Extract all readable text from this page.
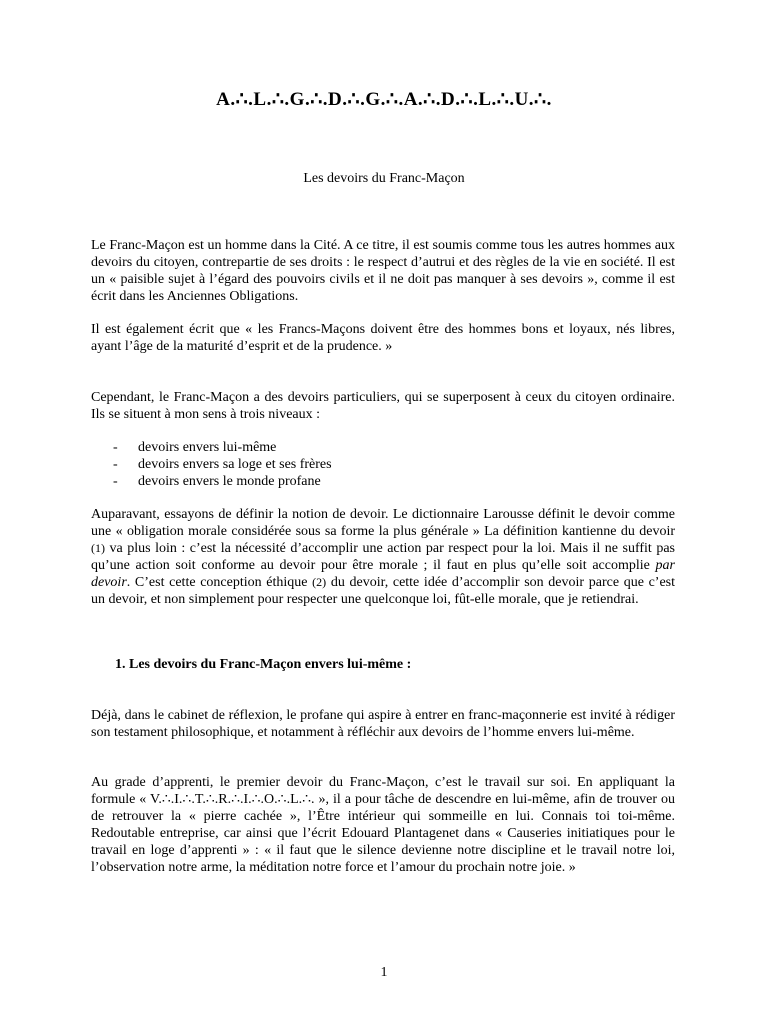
A.∴.L.∴.G.∴.D.∴.G.∴.A.∴.D.∴.L.∴.U.∴.
Les devoirs du Franc-Maçon

Le Franc-Maçon est un homme dans la Cité. A ce titre, il est soumis comme tous les autres hommes aux devoirs du citoyen, contrepartie de ses droits : le respect d’autrui et des règles de la vie en société. Il est un « paisible sujet à l’égard des pouvoirs civils et il ne doit pas manquer à ses devoirs », comme il est écrit dans les Anciennes Obligations.

Il est également écrit que « les Francs-Maçons doivent être des hommes bons et loyaux, nés libres, ayant l’âge de la maturité d’esprit et de la prudence. »

Cependant, le Franc-Maçon a des devoirs particuliers, qui se superposent à ceux du citoyen ordinaire. Ils se situent à mon sens à trois niveaux :

- devoirs envers lui-même
- devoirs envers sa loge et ses frères
- devoirs envers le monde profane

Auparavant, essayons de définir la notion de devoir. Le dictionnaire Larousse définit le devoir comme une « obligation morale considérée sous sa forme la plus générale » La définition kantienne du devoir (1) va plus loin : c’est la nécessité d’accomplir une action par respect pour la loi. Mais il ne suffit pas qu’une action soit conforme au devoir pour être morale ; il faut en plus qu’elle soit accomplie par devoir. C’est cette conception éthique (2) du devoir, cette idée d’accomplir son devoir parce que c’est un devoir, et non simplement pour respecter une quelconque loi, fût-elle morale, que je retiendrai.

1. Les devoirs du Franc-Maçon envers lui-même :

Déjà, dans le cabinet de réflexion, le profane qui aspire à entrer en franc-maçonnerie est invité à rédiger son testament philosophique, et notamment à réfléchir aux devoirs de l’homme envers lui-même.

Au grade d’apprenti, le premier devoir du Franc-Maçon, c’est le travail sur soi. En appliquant la formule « V.∴.I.∴.T.∴.R.∴.I.∴.O.∴.L.∴. », il a pour tâche de descendre en lui-même, afin de trouver ou de retrouver la « pierre cachée », l’Être intérieur qui sommeille en lui. Connais toi toi-même. Redoutable entreprise, car ainsi que l’écrit Edouard Plantagenet dans « Causeries initiatiques pour le travail en loge d’apprenti » : « il faut que le silence devienne notre discipline et le travail notre loi, l’observation notre arme, la méditation notre force et l’amour du prochain notre joie. »

1
